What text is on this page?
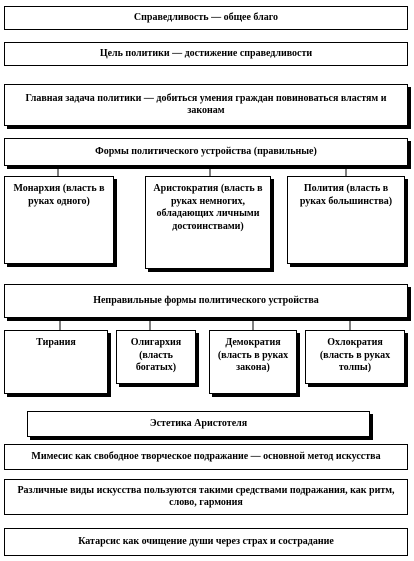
Справедливость — общее благо
Цель политики — достижение справедливости
Главная задача политики — добиться умения граждан повиноваться властям и законам
Формы политического устройства (правильные)
Монархия (власть в руках одного)
Аристократия (власть в руках немногих, обладающих личными достоинствами)
Полития (власть в руках большинства)
Неправильные формы политического устройства
Тирания	Олигархия (власть богатых)
Демократия (власть в руках закона)
Охлократия (власть в руках толпы)
Эстетика Аристотеля
Мимесис как свободное творческое подражание — основной метод искусства
Различные виды искусства пользуются такими средствами подражания, как ритм, слово, гармония
Катарсис как очищение души через страх и сострадание
